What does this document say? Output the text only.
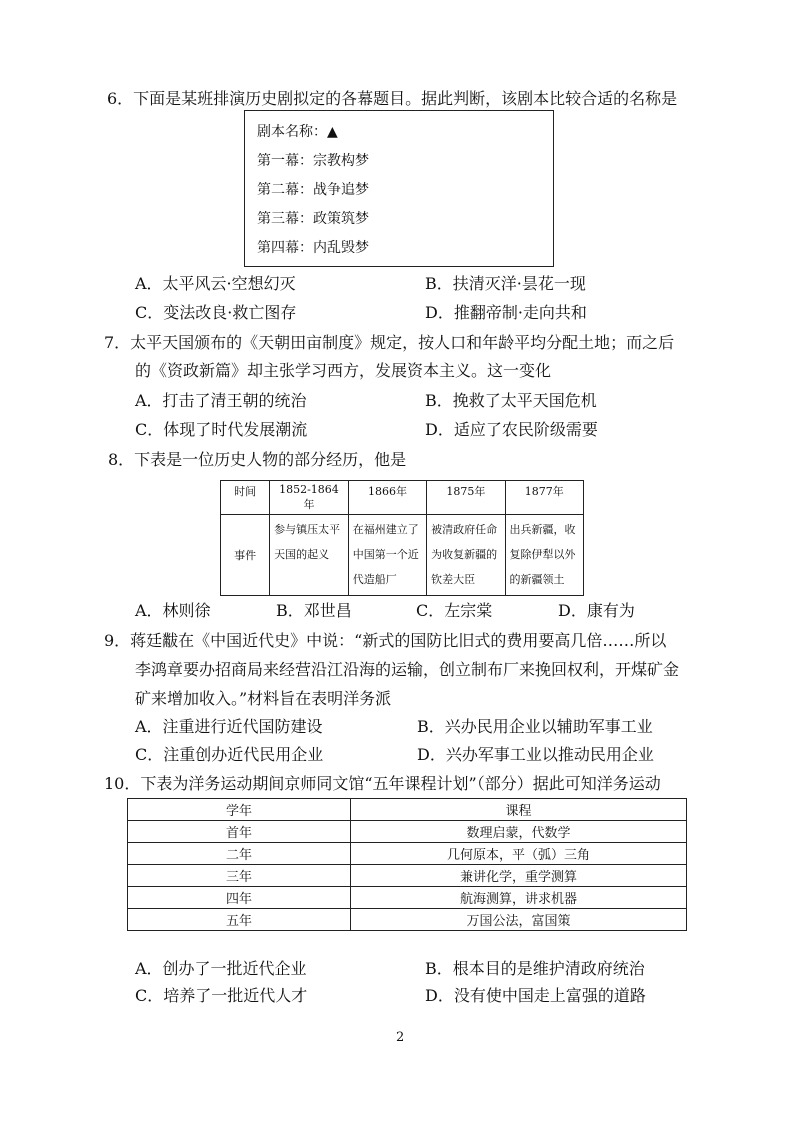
6．下面是某班排演历史剧拟定的各幕题目。据此判断，该剧本比较合适的名称是
剧本名称：▲
第一幕：宗教构梦
第二幕：战争追梦
第三幕：政策筑梦
第四幕：内乱毁梦
A．太平风云·空想幻灭	B．扶清灭洋·昙花一现
C．变法改良·救亡图存	D．推翻帝制·走向共和
7．太平天国颁布的《天朝田亩制度》规定，按人口和年龄平均分配土地；而之后
的《资政新篇》却主张学习西方，发展资本主义。这一变化
A．打击了清王朝的统治	B．挽救了太平天国危机
C．体现了时代发展潮流	D．适应了农民阶级需要
8．下表是一位历史人物的部分经历，他是
时间	1852-1864年	1866年	1875年	1877年
事件	参与镇压太平天国的起义	在福州建立了中国第一个近代造船厂	被清政府任命为收复新疆的钦差大臣	出兵新疆，收复除伊犁以外的新疆领土
A．林则徐	B．邓世昌	C．左宗棠	D．康有为
9．蒋廷黻在《中国近代史》中说：“新式的国防比旧式的费用要高几倍……所以
李鸿章要办招商局来经营沿江沿海的运输，创立制布厂来挽回权利，开煤矿金
矿来增加收入。”材料旨在表明洋务派
A．注重进行近代国防建设	B．兴办民用企业以辅助军事工业
C．注重创办近代民用企业	D．兴办军事工业以推动民用企业
10．下表为洋务运动期间京师同文馆“五年课程计划”（部分）据此可知洋务运动
学年	课程
首年	数理启蒙，代数学
二年	几何原本，平（弧）三角
三年	兼讲化学，重学测算
四年	航海测算，讲求机器
五年	万国公法，富国策
A．创办了一批近代企业	B．根本目的是维护清政府统治
C．培养了一批近代人才	D．没有使中国走上富强的道路
2
